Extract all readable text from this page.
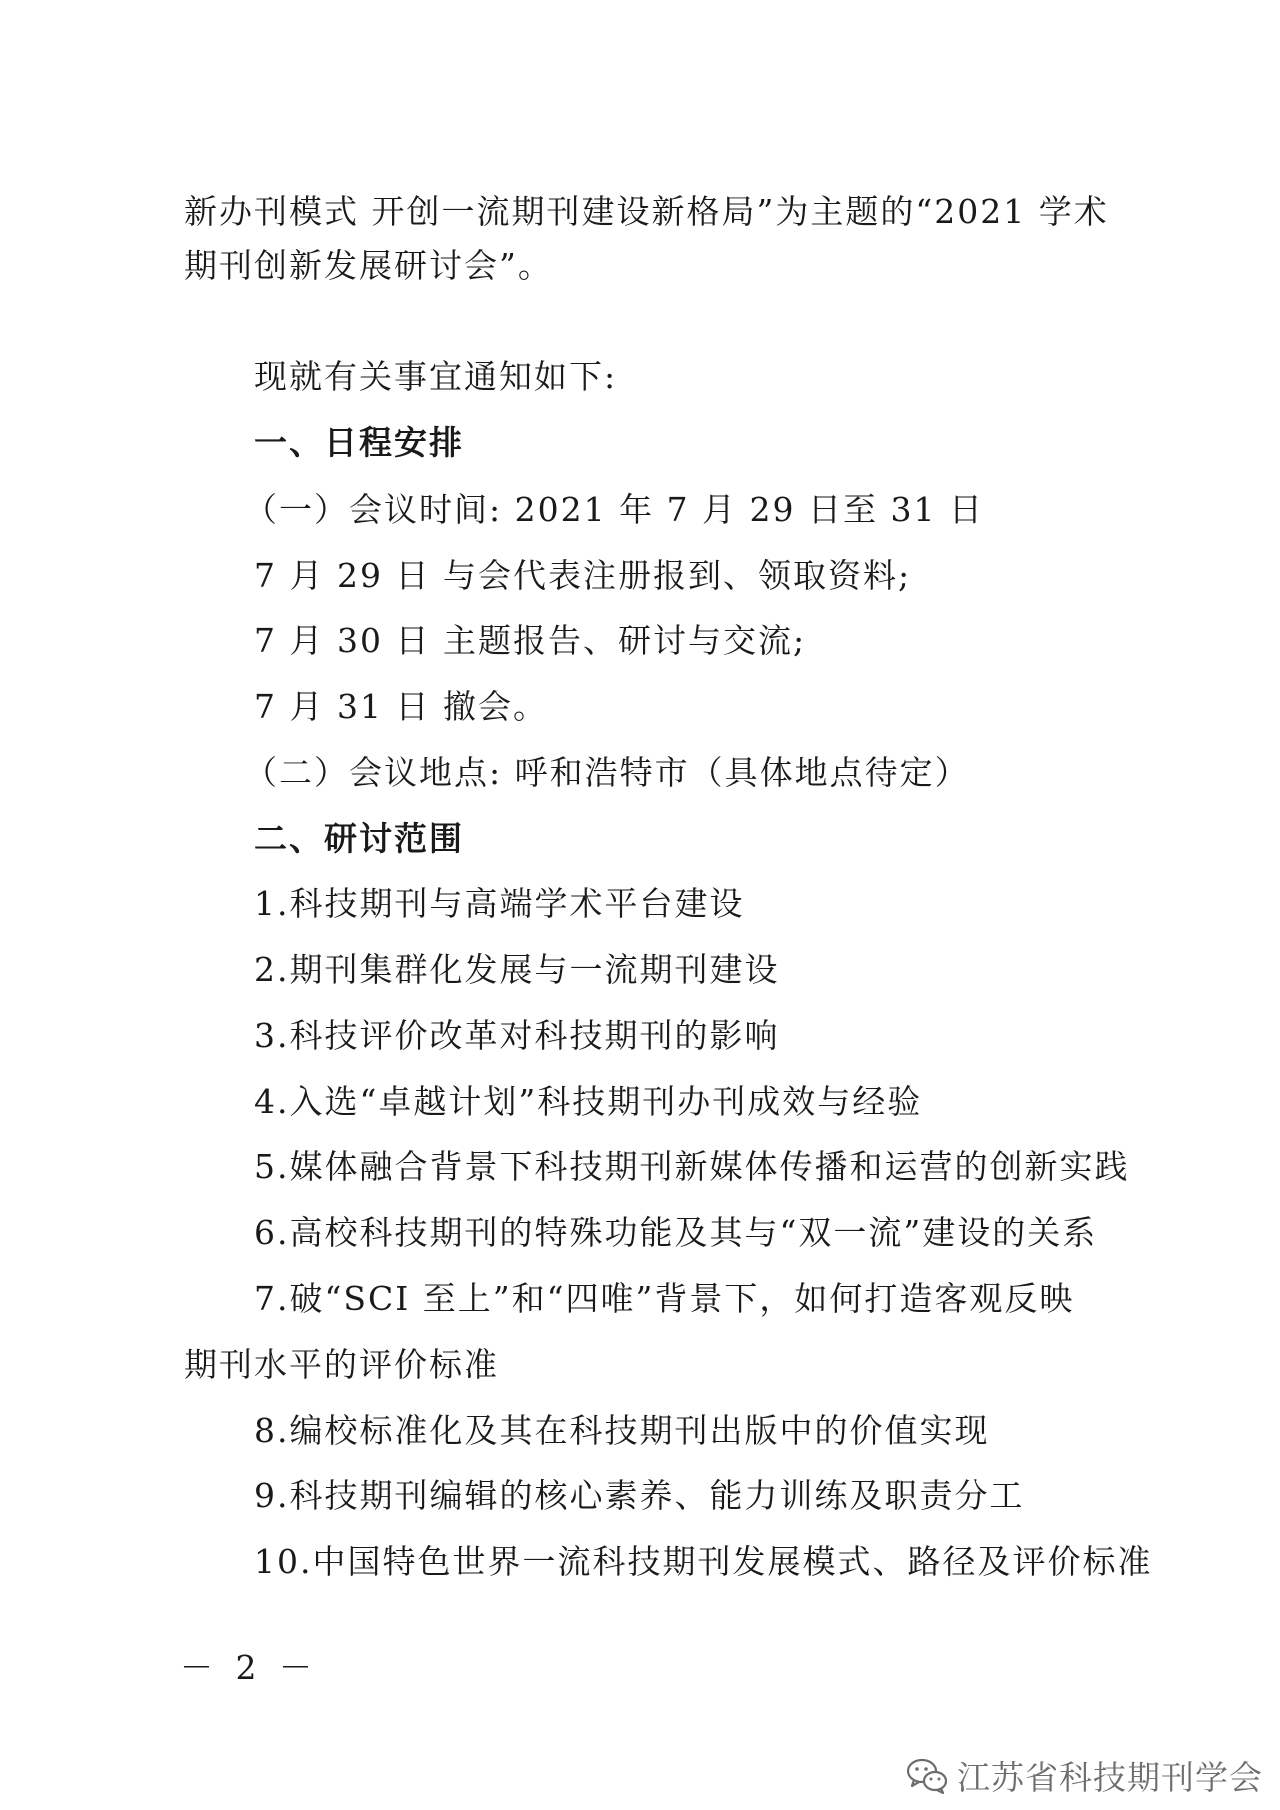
新办刊模式 开创一流期刊建设新格局”为主题的“2021 学术
期刊创新发展研讨会”。
现就有关事宜通知如下:
一、日程安排
（一）会议时间: 2021 年 7 月 29 日至 31 日
7 月 29 日 与会代表注册报到、领取资料;
7 月 30 日 主题报告、研讨与交流;
7 月 31 日 撤会。
（二）会议地点: 呼和浩特市（具体地点待定）
二、研讨范围
1.科技期刊与高端学术平台建设
2.期刊集群化发展与一流期刊建设
3.科技评价改革对科技期刊的影响
4.入选“卓越计划”科技期刊办刊成效与经验
5.媒体融合背景下科技期刊新媒体传播和运营的创新实践
6.高校科技期刊的特殊功能及其与“双一流”建设的关系
7.破“SCI 至上”和“四唯”背景下，如何打造客观反映
期刊水平的评价标准
8.编校标准化及其在科技期刊出版中的价值实现
9.科技期刊编辑的核心素养、能力训练及职责分工
10.中国特色世界一流科技期刊发展模式、路径及评价标准
－ 2 －
江苏省科技期刊学会
